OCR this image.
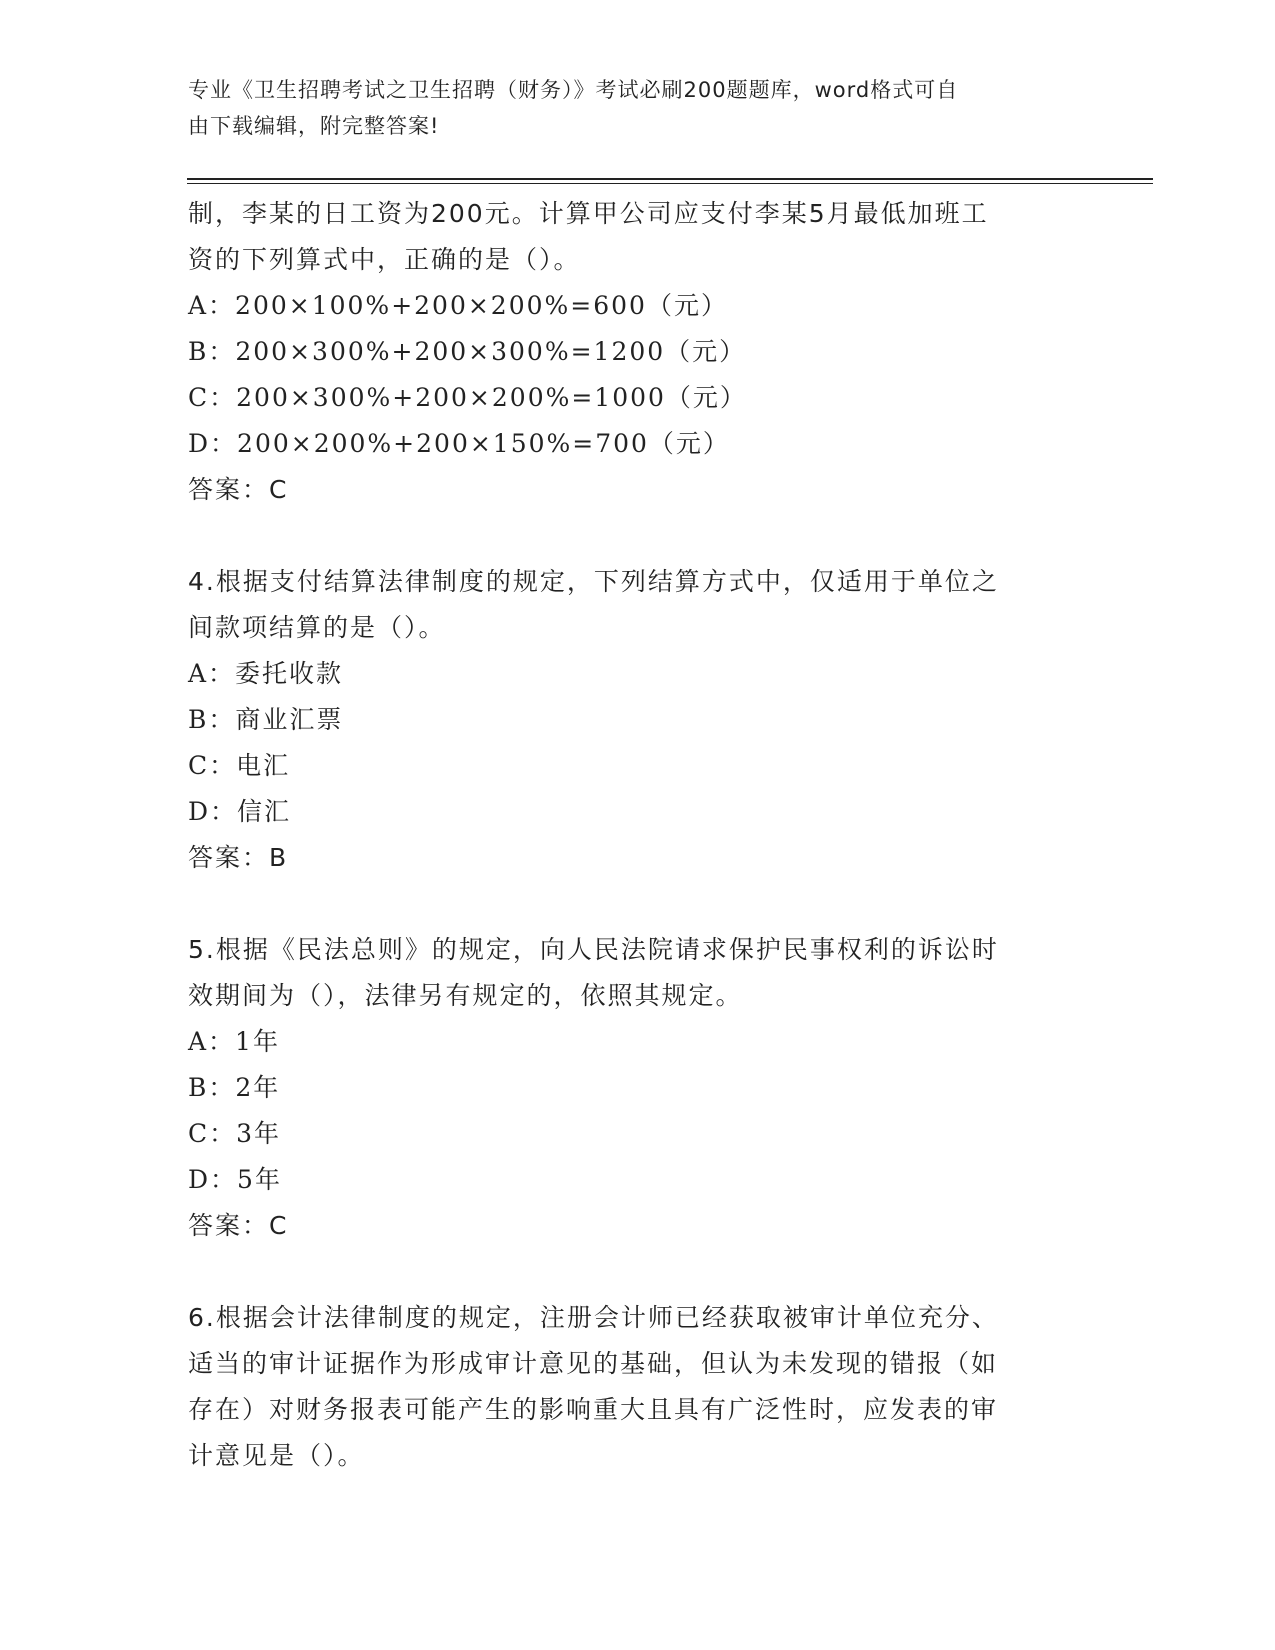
专业《卫生招聘考试之卫生招聘（财务）》考试必刷200题题库，word格式可自
由下载编辑，附完整答案!
制，李某的日工资为200元。计算甲公司应支付李某5月最低加班工
资的下列算式中，正确的是（）。
A：200×100%+200×200%=600（元）
B：200×300%+200×300%=1200（元）
C：200×300%+200×200%=1000（元）
D：200×200%+200×150%=700（元）
答案：C
4.根据支付结算法律制度的规定，下列结算方式中，仅适用于单位之
间款项结算的是（）。
A：委托收款
B：商业汇票
C：电汇
D：信汇
答案：B
5.根据《民法总则》的规定，向人民法院请求保护民事权利的诉讼时
效期间为（），法律另有规定的，依照其规定。
A：1年
B：2年
C：3年
D：5年
答案：C
6.根据会计法律制度的规定，注册会计师已经获取被审计单位充分、
适当的审计证据作为形成审计意见的基础，但认为未发现的错报（如
存在）对财务报表可能产生的影响重大且具有广泛性时，应发表的审
计意见是（）。
